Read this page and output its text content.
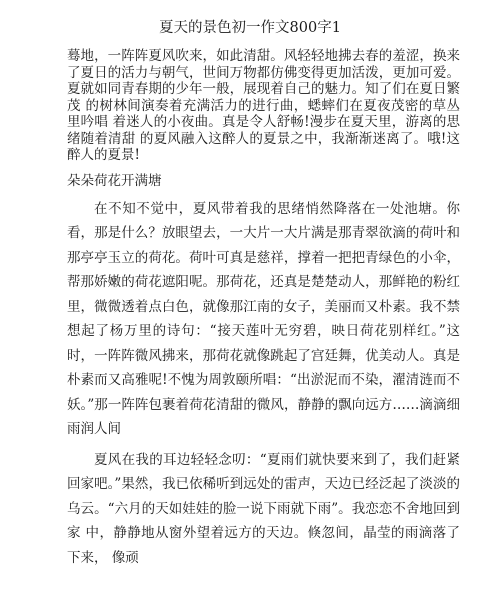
夏天的景色初一作文800字1

蓦地，一阵阵夏风吹来，如此清甜。风轻轻地拂去春的羞涩，换来了夏日的活力与朝气，世间万物都仿佛变得更加活泼，更加可爱。夏就如同青春期的少年一般，展现着自己的魅力。知了们在夏日繁茂 的树林间演奏着充满活力的进行曲，蟋蟀们在夏夜茂密的草丛里吟唱 着迷人的小夜曲。真是令人舒畅!漫步在夏天里，游离的思绪随着清甜 的夏风融入这醉人的夏景之中，我渐渐迷离了。哦!这醉人的夏景!

朵朵荷花开满塘

在不知不觉中，夏风带着我的思绪悄然降落在一处池塘。你看，那是什么？放眼望去，一大片一大片满是那青翠欲滴的荷叶和那亭亭玉立的荷花。荷叶可真是慈祥，撑着一把把青绿色的小伞，帮那娇嫩的荷花遮阳呢。那荷花，还真是楚楚动人，那鲜艳的粉红里，微微透着点白色，就像那江南的女子，美丽而又朴素。我不禁想起了杨万里的诗句：“接天莲叶无穷碧，映日荷花别样红。”这时，一阵阵微风拂来，那荷花就像跳起了宫廷舞，优美动人。真是朴素而又高雅呢!不愧为周敦颐所唱：“出淤泥而不染，濯清涟而不妖。”那一阵阵包裹着荷花清甜的微风，静静的飘向远方……滴滴细雨润人间

夏风在我的耳边轻轻念叨：“夏雨们就快要来到了，我们赶紧回家吧。”果然，我已依稀听到远处的雷声，天边已经泛起了淡淡的乌云。“六月的天如娃娃的脸一说下雨就下雨”。我恋恋不舍地回到家 中，静静地从窗外望着远方的天边。倏忽间，晶莹的雨滴落了下来， 像顽
